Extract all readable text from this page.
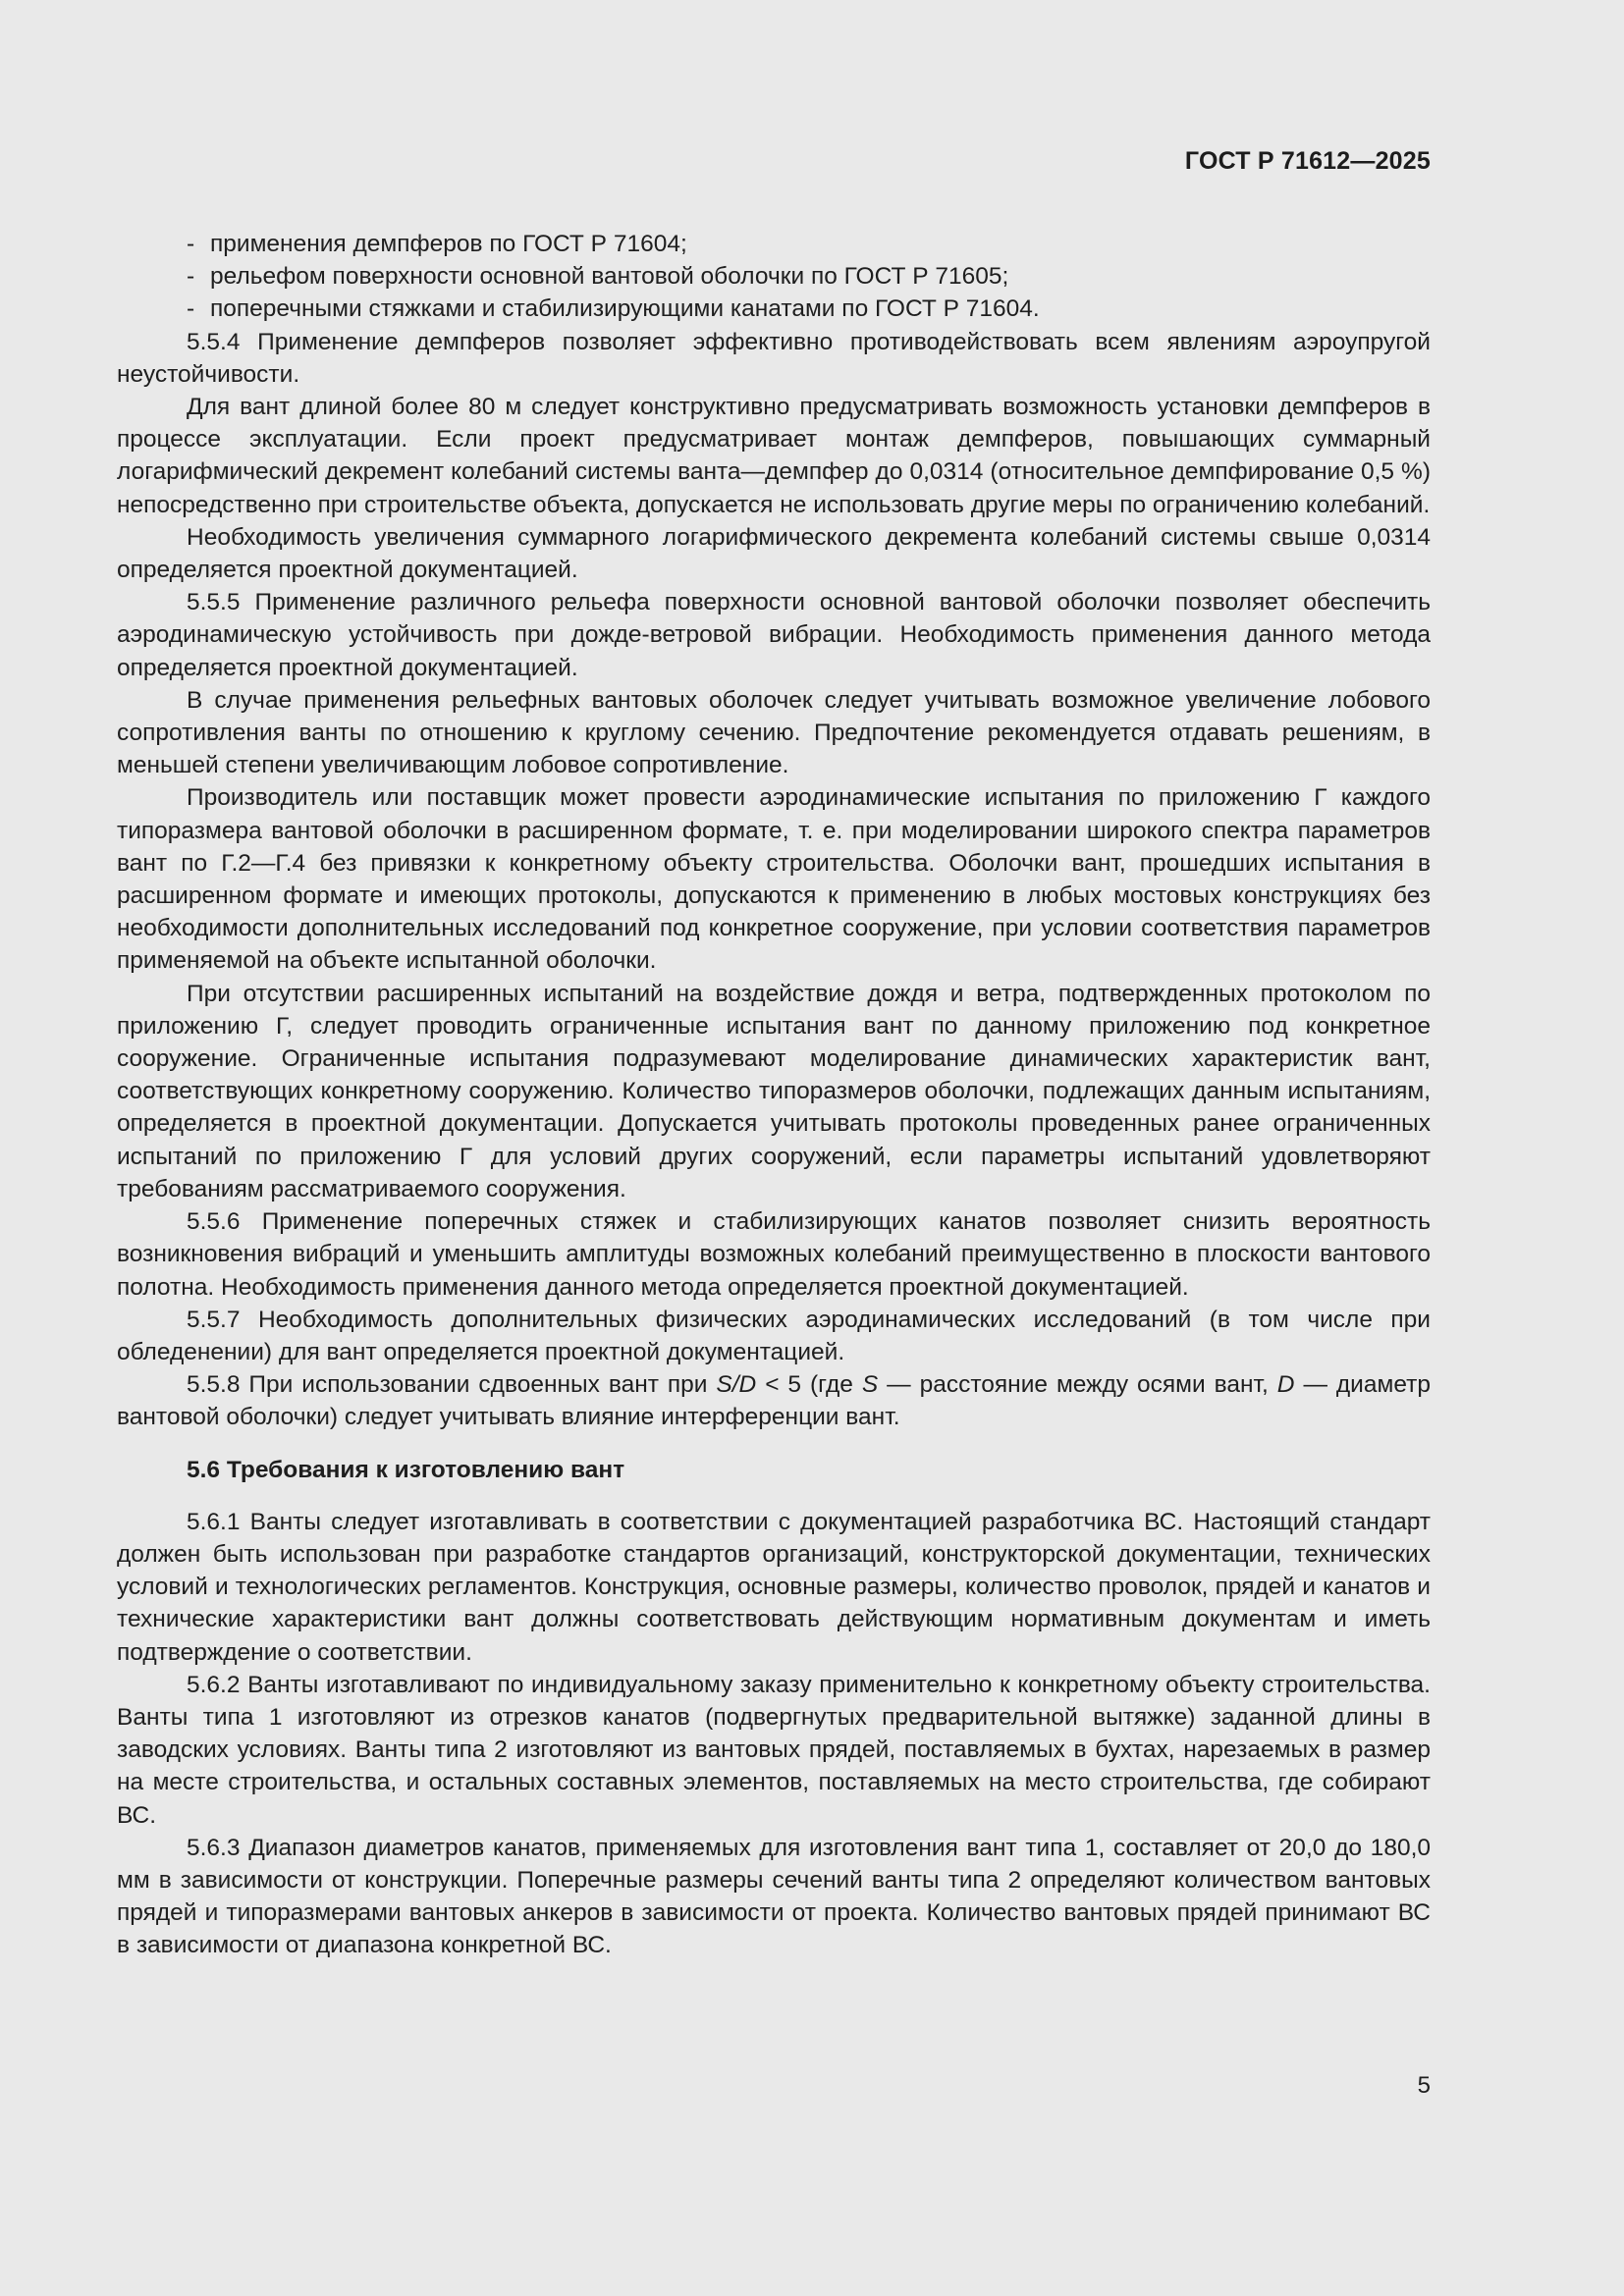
ГОСТ Р 71612—2025
- применения демпферов по ГОСТ Р 71604;
- рельефом поверхности основной вантовой оболочки по ГОСТ Р 71605;
- поперечными стяжками и стабилизирующими канатами по ГОСТ Р 71604.

5.5.4 Применение демпферов позволяет эффективно противодействовать всем явлениям аэроупругой неустойчивости.

Для вант длиной более 80 м следует конструктивно предусматривать возможность установки демпферов в процессе эксплуатации. Если проект предусматривает монтаж демпферов, повышающих суммарный логарифмический декремент колебаний системы ванта—демпфер до 0,0314 (относительное демпфирование 0,5 %) непосредственно при строительстве объекта, допускается не использовать другие меры по ограничению колебаний.

Необходимость увеличения суммарного логарифмического декремента колебаний системы свыше 0,0314 определяется проектной документацией.

5.5.5 Применение различного рельефа поверхности основной вантовой оболочки позволяет обеспечить аэродинамическую устойчивость при дожде-ветровой вибрации. Необходимость применения данного метода определяется проектной документацией.

В случае применения рельефных вантовых оболочек следует учитывать возможное увеличение лобового сопротивления ванты по отношению к круглому сечению. Предпочтение рекомендуется отдавать решениям, в меньшей степени увеличивающим лобовое сопротивление.

Производитель или поставщик может провести аэродинамические испытания по приложению Г каждого типоразмера вантовой оболочки в расширенном формате, т. е. при моделировании широкого спектра параметров вант по Г.2—Г.4 без привязки к конкретному объекту строительства. Оболочки вант, прошедших испытания в расширенном формате и имеющих протоколы, допускаются к применению в любых мостовых конструкциях без необходимости дополнительных исследований под конкретное сооружение, при условии соответствия параметров применяемой на объекте испытанной оболочки.

При отсутствии расширенных испытаний на воздействие дождя и ветра, подтвержденных протоколом по приложению Г, следует проводить ограниченные испытания вант по данному приложению под конкретное сооружение. Ограниченные испытания подразумевают моделирование динамических характеристик вант, соответствующих конкретному сооружению. Количество типоразмеров оболочки, подлежащих данным испытаниям, определяется в проектной документации. Допускается учитывать протоколы проведенных ранее ограниченных испытаний по приложению Г для условий других сооружений, если параметры испытаний удовлетворяют требованиям рассматриваемого сооружения.

5.5.6 Применение поперечных стяжек и стабилизирующих канатов позволяет снизить вероятность возникновения вибраций и уменьшить амплитуды возможных колебаний преимущественно в плоскости вантового полотна. Необходимость применения данного метода определяется проектной документацией.

5.5.7 Необходимость дополнительных физических аэродинамических исследований (в том числе при обледенении) для вант определяется проектной документацией.

5.5.8 При использовании сдвоенных вант при S/D < 5 (где S — расстояние между осями вант, D — диаметр вантовой оболочки) следует учитывать влияние интерференции вант.

5.6 Требования к изготовлению вант

5.6.1 Ванты следует изготавливать в соответствии с документацией разработчика ВС. Настоящий стандарт должен быть использован при разработке стандартов организаций, конструкторской документации, технических условий и технологических регламентов. Конструкция, основные размеры, количество проволок, прядей и канатов и технические характеристики вант должны соответствовать действующим нормативным документам и иметь подтверждение о соответствии.

5.6.2 Ванты изготавливают по индивидуальному заказу применительно к конкретному объекту строительства. Ванты типа 1 изготовляют из отрезков канатов (подвергнутых предварительной вытяжке) заданной длины в заводских условиях. Ванты типа 2 изготовляют из вантовых прядей, поставляемых в бухтах, нарезаемых в размер на месте строительства, и остальных составных элементов, поставляемых на место строительства, где собирают ВС.

5.6.3 Диапазон диаметров канатов, применяемых для изготовления вант типа 1, составляет от 20,0 до 180,0 мм в зависимости от конструкции. Поперечные размеры сечений ванты типа 2 определяют количеством вантовых прядей и типоразмерами вантовых анкеров в зависимости от проекта. Количество вантовых прядей принимают ВС в зависимости от диапазона конкретной ВС.

5
